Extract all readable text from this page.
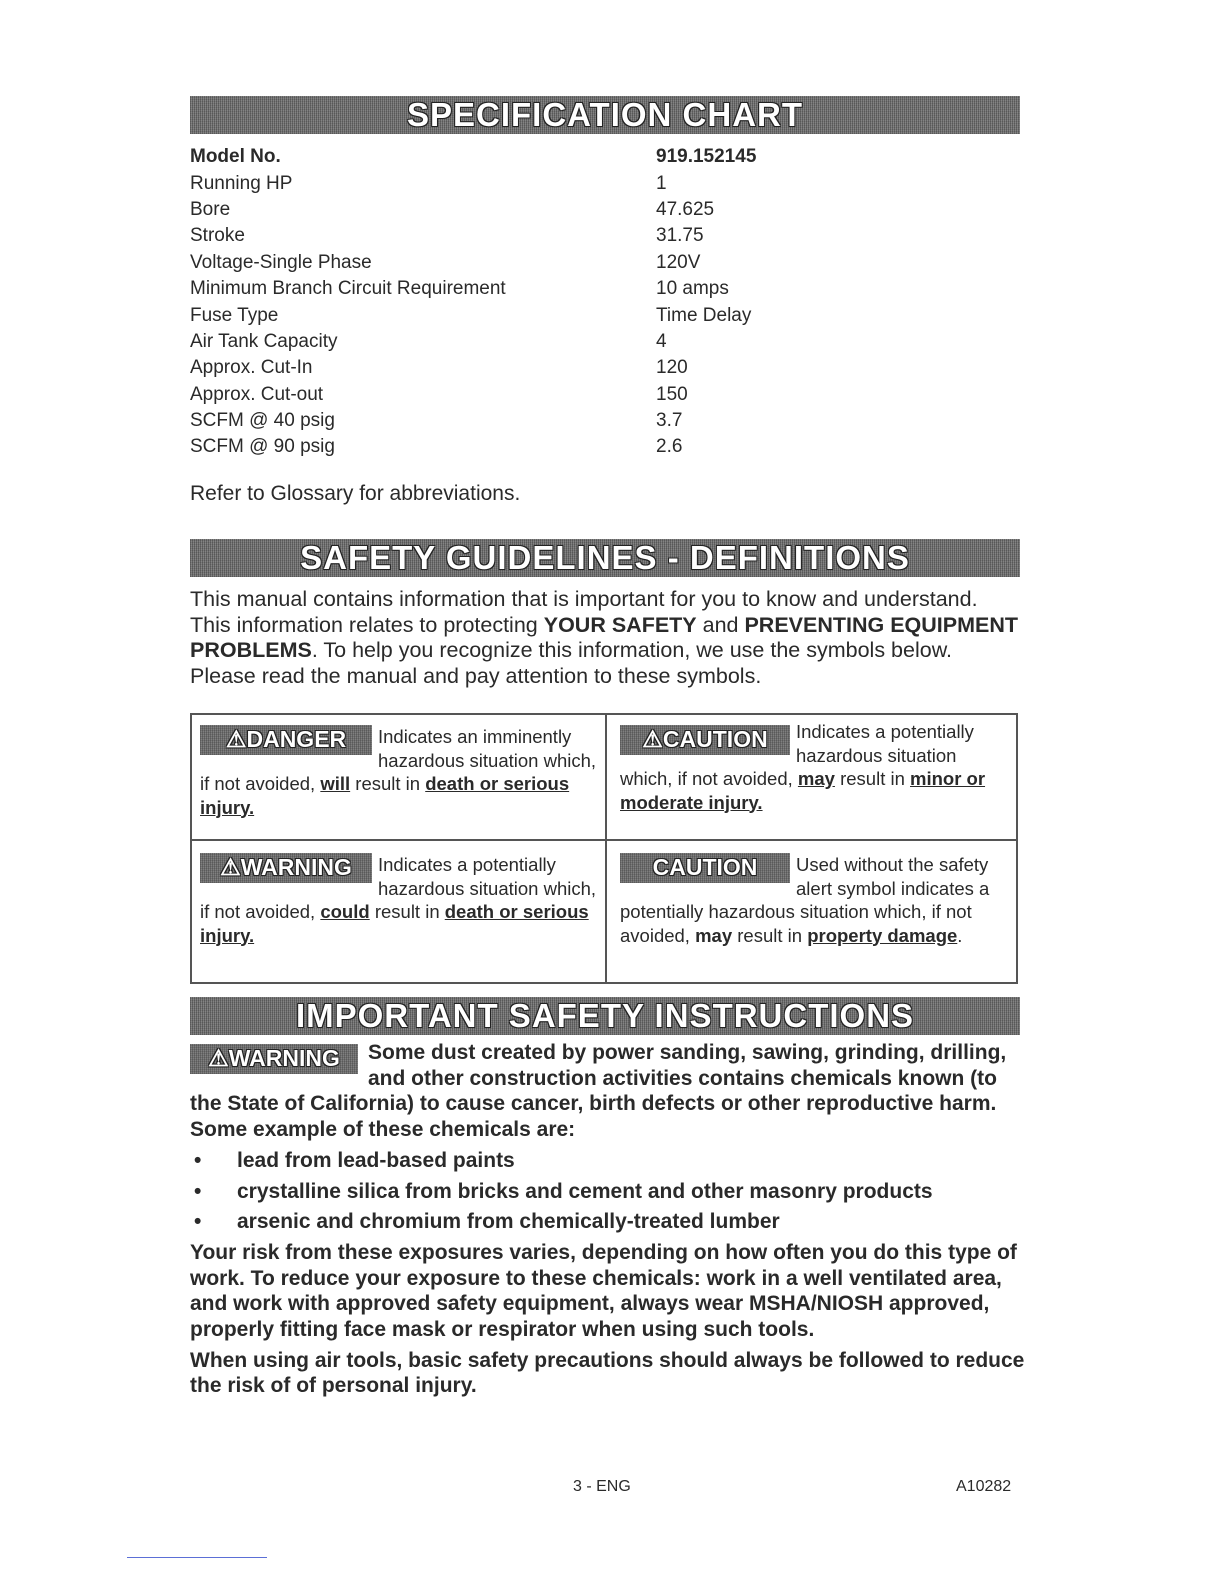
SPECIFICATION CHART
Model No.	919.152145
Running HP	1
Bore	47.625
Stroke	31.75
Voltage-Single Phase	120V
Minimum Branch Circuit Requirement	10 amps
Fuse Type	Time Delay
Air Tank Capacity	4
Approx. Cut-In	120
Approx. Cut-out	150
SCFM @ 40 psig	3.7
SCFM @ 90 psig	2.6
Refer to Glossary for abbreviations.
SAFETY GUIDELINES - DEFINITIONS
This manual contains information that is important for you to know and understand. This information relates to protecting YOUR SAFETY and PREVENTING EQUIPMENT PROBLEMS. To help you recognize this information, we use the symbols below. Please read the manual and pay attention to these symbols.
⚠ DANGER	Indicates an imminently hazardous situation which, if not avoided, will result in death or serious injury.
⚠ CAUTION	Indicates a potentially hazardous situation which, if not avoided, may result in minor or moderate injury.
⚠ WARNING	Indicates a potentially hazardous situation which, if not avoided, could result in death or serious injury.
CAUTION	Used without the safety alert symbol indicates a potentially hazardous situation which, if not avoided, may result in property damage.
IMPORTANT SAFETY INSTRUCTIONS
⚠ WARNING	Some dust created by power sanding, sawing, grinding, drilling, and other construction activities contains chemicals known (to the State of California) to cause cancer, birth defects or other reproductive harm. Some example of these chemicals are:

• lead from lead-based paints
• crystalline silica from bricks and cement and other masonry products
• arsenic and chromium from chemically-treated lumber

Your risk from these exposures varies, depending on how often you do this type of work. To reduce your exposure to these chemicals: work in a well ventilated area, and work with approved safety equipment, always wear MSHA/NIOSH approved, properly fitting face mask or respirator when using such tools.

When using air tools, basic safety precautions should always be followed to reduce the risk of of personal injury.

3 - ENG	A10282
